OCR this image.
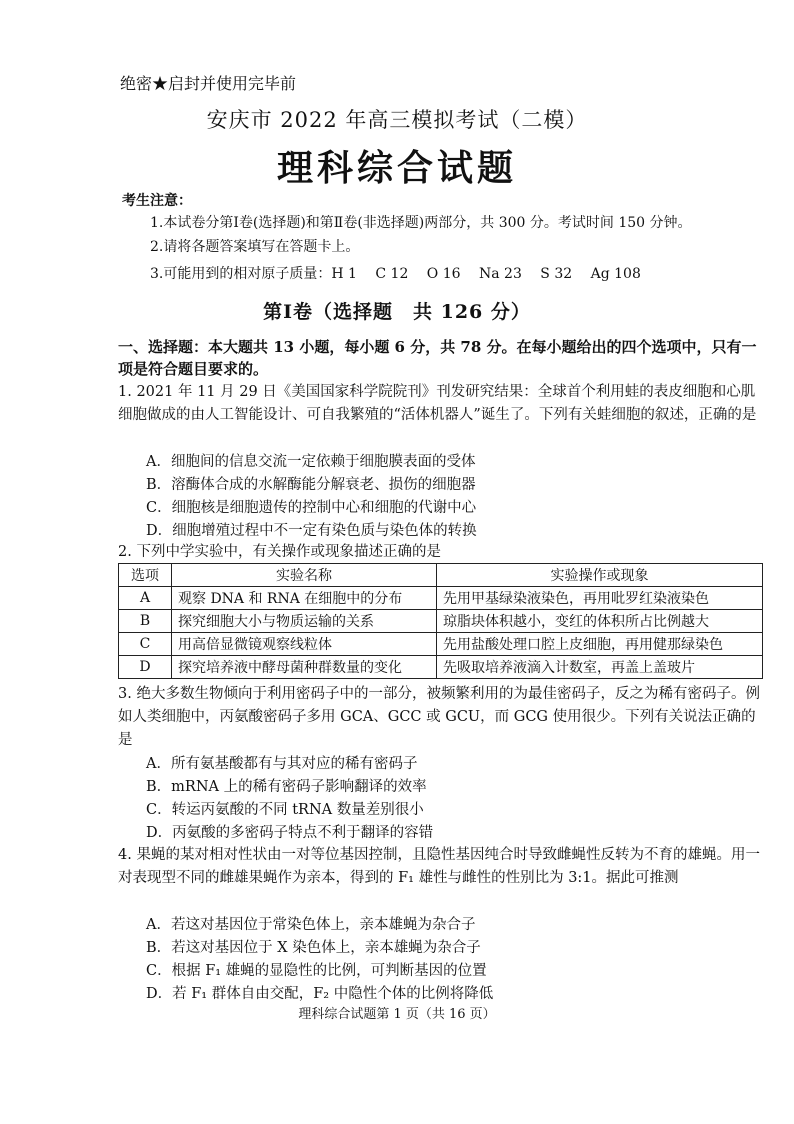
绝密★启封并使用完毕前
安庆市 2022 年高三模拟考试（二模）
理科综合试题
考生注意：
1.本试卷分第Ⅰ卷(选择题)和第Ⅱ卷(非选择题)两部分，共 300 分。考试时间 150 分钟。
2.请将各题答案填写在答题卡上。
3.可能用到的相对原子质量：H 1　 C 12　 O 16　 Na 23　 S 32　 Ag 108
第Ⅰ卷（选择题　共 126 分）
一、选择题：本大题共 13 小题，每小题 6 分，共 78 分。在每小题给出的四个选项中，只有一项是符合题目要求的。
1. 2021 年 11 月 29 日《美国国家科学院院刊》刊发研究结果：全球首个利用蛙的表皮细胞和心肌细胞做成的由人工智能设计、可自我繁殖的“活体机器人”诞生了。下列有关蛙细胞的叙述，正确的是
A．细胞间的信息交流一定依赖于细胞膜表面的受体
B．溶酶体合成的水解酶能分解衰老、损伤的细胞器
C．细胞核是细胞遗传的控制中心和细胞的代谢中心
D．细胞增殖过程中不一定有染色质与染色体的转换
2. 下列中学实验中，有关操作或现象描述正确的是
选项	实验名称	实验操作或现象
A	观察 DNA 和 RNA 在细胞中的分布	先用甲基绿染液染色，再用吡罗红染液染色
B	探究细胞大小与物质运输的关系	琼脂块体积越小，变红的体积所占比例越大
C	用高倍显微镜观察线粒体	先用盐酸处理口腔上皮细胞，再用健那绿染色
D	探究培养液中酵母菌种群数量的变化	先吸取培养液滴入计数室，再盖上盖玻片
3. 绝大多数生物倾向于利用密码子中的一部分，被频繁利用的为最佳密码子，反之为稀有密码子。例如人类细胞中，丙氨酸密码子多用 GCA、GCC 或 GCU，而 GCG 使用很少。下列有关说法正确的是
A．所有氨基酸都有与其对应的稀有密码子
B．mRNA 上的稀有密码子影响翻译的效率
C．转运丙氨酸的不同 tRNA 数量差别很小
D．丙氨酸的多密码子特点不利于翻译的容错
4. 果蝇的某对相对性状由一对等位基因控制，且隐性基因纯合时导致雌蝇性反转为不育的雄蝇。用一对表现型不同的雌雄果蝇作为亲本，得到的 F₁ 雄性与雌性的性别比为 3:1。据此可推测
A．若这对基因位于常染色体上，亲本雄蝇为杂合子
B．若这对基因位于 X 染色体上，亲本雄蝇为杂合子
C．根据 F₁ 雄蝇的显隐性的比例，可判断基因的位置
D．若 F₁ 群体自由交配，F₂ 中隐性个体的比例将降低
理科综合试题第 1 页（共 16 页）
